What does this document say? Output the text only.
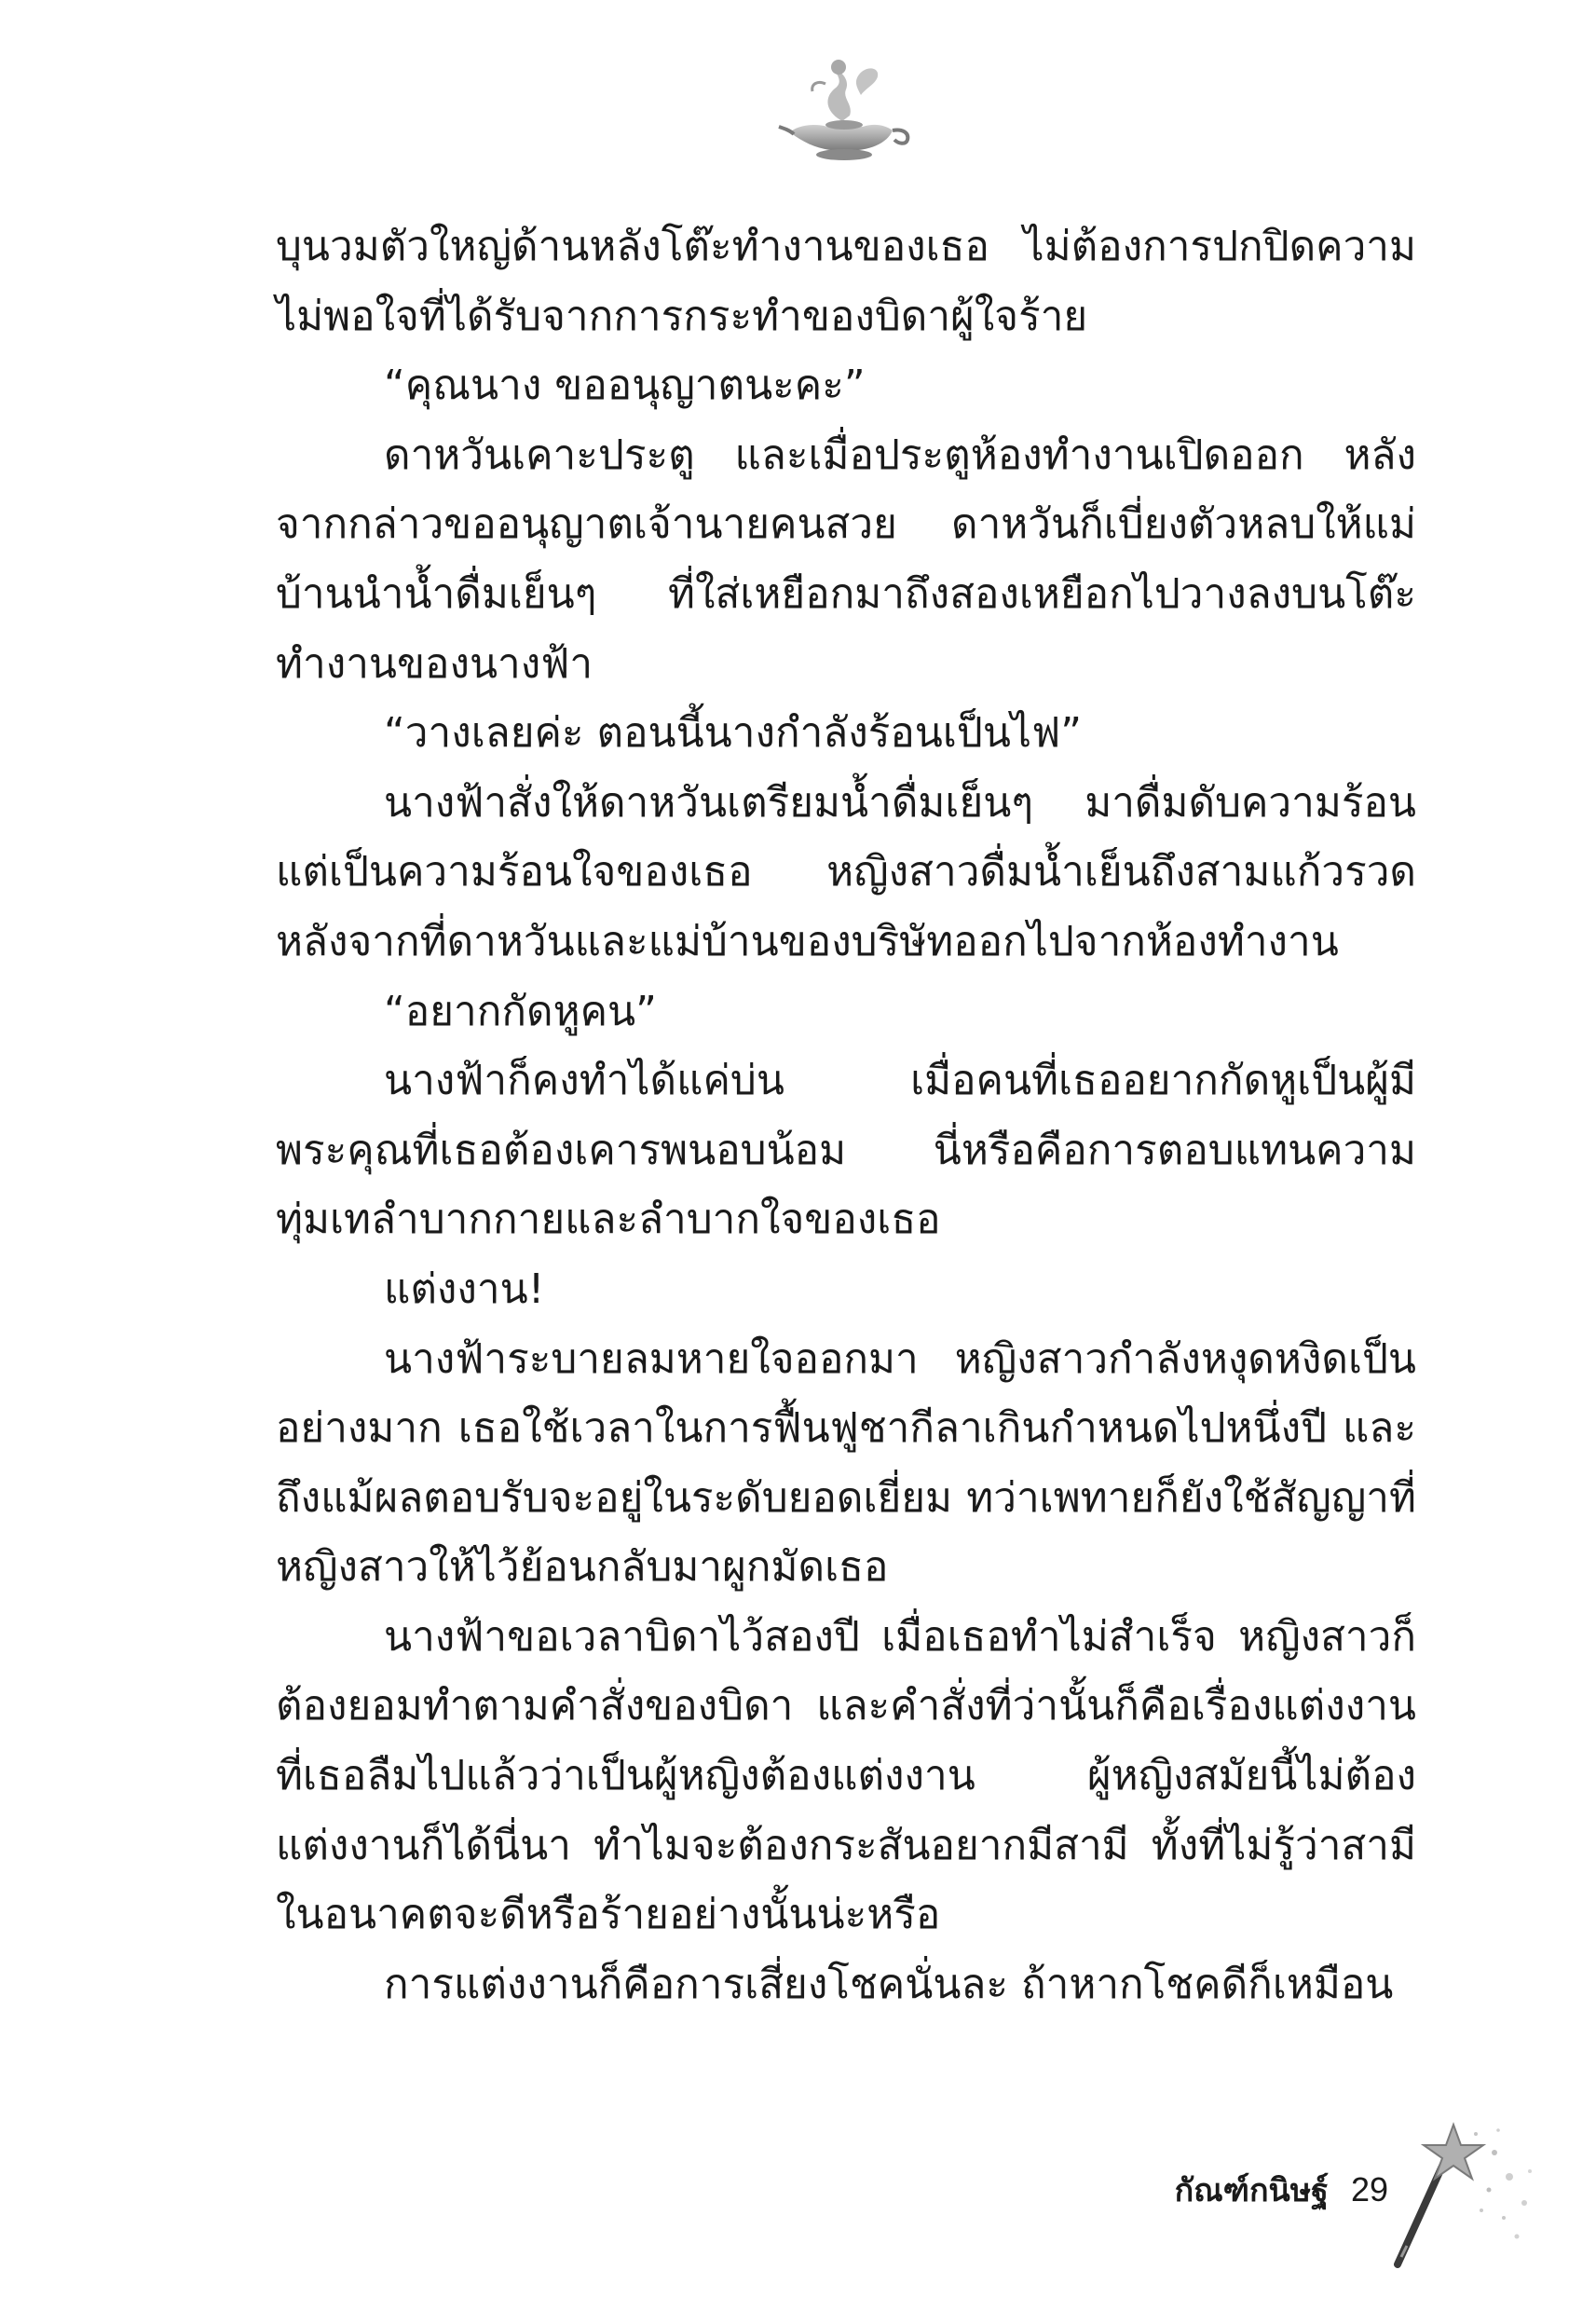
บุนวมตัวใหญ่ด้านหลังโต๊ะทำงานของเธอ ไม่ต้องการปกปิดความไม่พอใจที่ได้รับจากการกระทำของบิดาผู้ใจร้าย

“คุณนาง ขออนุญาตนะคะ”

ดาหวันเคาะประตู และเมื่อประตูห้องทำงานเปิดออก หลังจากกล่าวขออนุญาตเจ้านายคนสวย ดาหวันก็เบี่ยงตัวหลบให้แม่บ้านนำน้ำดื่มเย็นๆ ที่ใส่เหยือกมาถึงสองเหยือกไปวางลงบนโต๊ะทำงานของนางฟ้า

“วางเลยค่ะ ตอนนี้นางกำลังร้อนเป็นไฟ”

นางฟ้าสั่งให้ดาหวันเตรียมน้ำดื่มเย็นๆ มาดื่มดับความร้อน แต่เป็นความร้อนใจของเธอ หญิงสาวดื่มน้ำเย็นถึงสามแก้วรวดหลังจากที่ดาหวันและแม่บ้านของบริษัทออกไปจากห้องทำงาน

“อยากกัดหูคน”

นางฟ้าก็คงทำได้แค่บ่น เมื่อคนที่เธออยากกัดหูเป็นผู้มีพระคุณที่เธอต้องเคารพนอบน้อม นี่หรือคือการตอบแทนความทุ่มเทลำบากกายและลำบากใจของเธอ

แต่งงาน!

นางฟ้าระบายลมหายใจออกมา หญิงสาวกำลังหงุดหงิดเป็นอย่างมาก เธอใช้เวลาในการฟื้นฟูชากีลาเกินกำหนดไปหนึ่งปี และถึงแม้ผลตอบรับจะอยู่ในระดับยอดเยี่ยม ทว่าเพทายก็ยังใช้สัญญาที่หญิงสาวให้ไว้ย้อนกลับมาผูกมัดเธอ

นางฟ้าขอเวลาบิดาไว้สองปี เมื่อเธอทำไม่สำเร็จ หญิงสาวก็ต้องยอมทำตามคำสั่งของบิดา และคำสั่งที่ว่านั้นก็คือเรื่องแต่งงานที่เธอลืมไปแล้วว่าเป็นผู้หญิงต้องแต่งงาน ผู้หญิงสมัยนี้ไม่ต้องแต่งงานก็ได้นี่นา ทำไมจะต้องกระสันอยากมีสามี ทั้งที่ไม่รู้ว่าสามีในอนาคตจะดีหรือร้ายอย่างนั้นน่ะหรือ

การแต่งงานก็คือการเสี่ยงโชคนั่นละ ถ้าหากโชคดีก็เหมือน

กัณฑ์กนิษฐ์ 29
